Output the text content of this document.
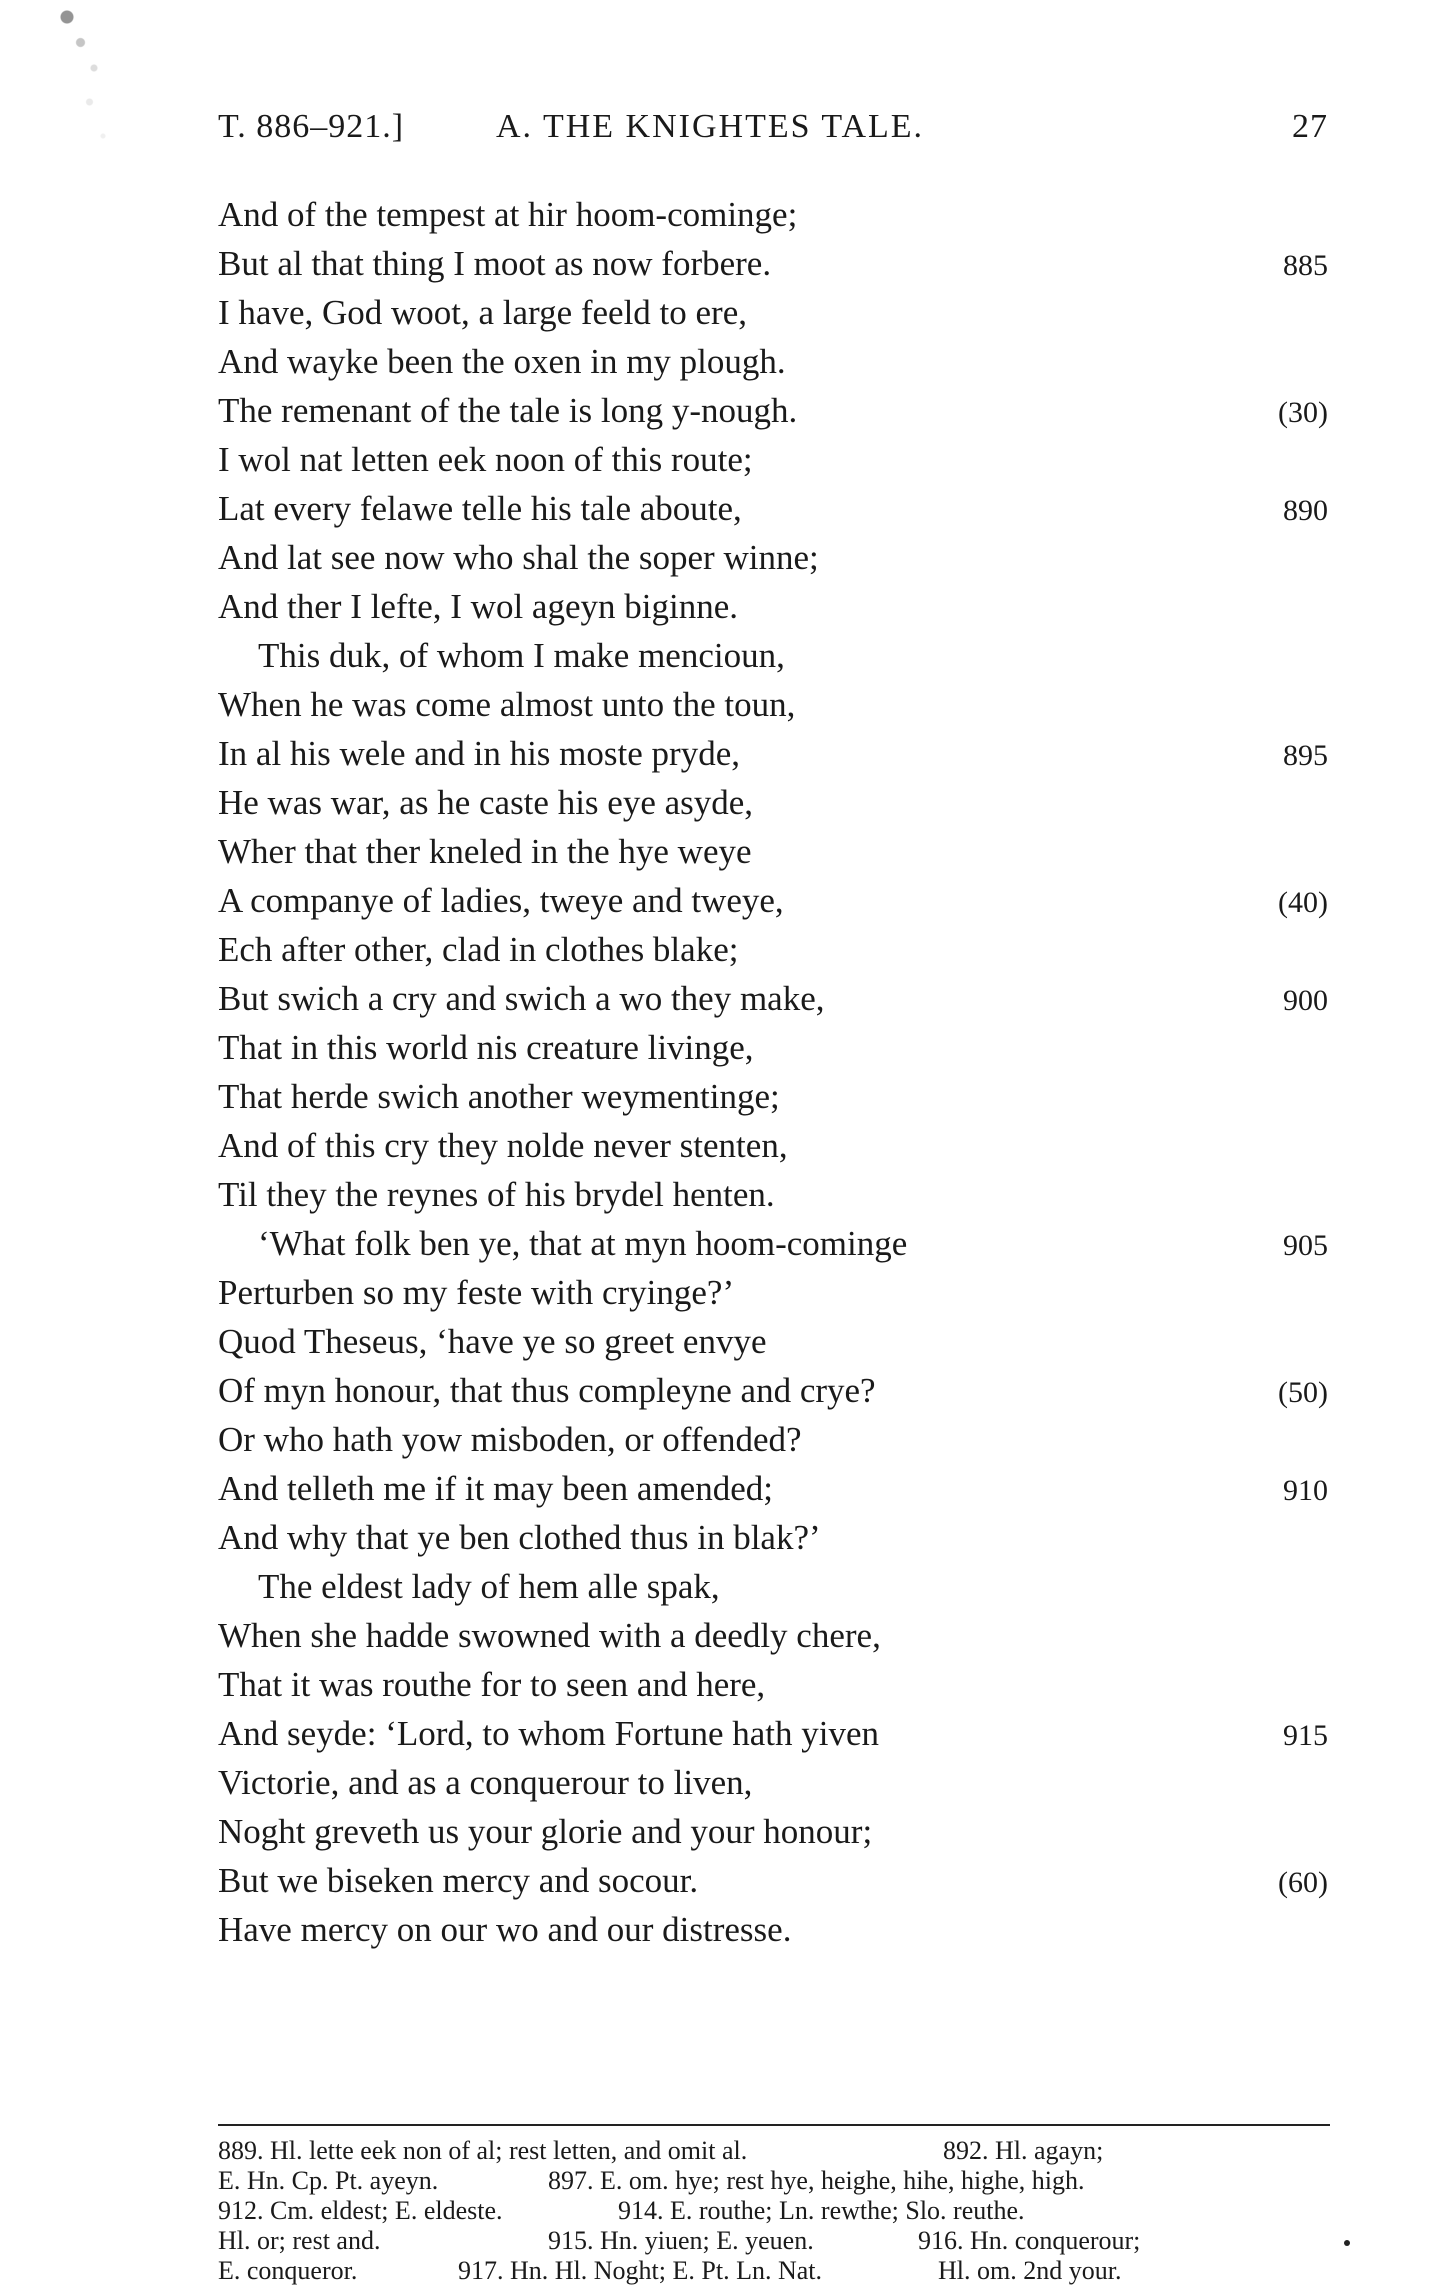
T. 886–921.]	A. THE KNIGHTES TALE.	27
And of the tempest at hir hoom-cominge;
But al that thing I moot as now forbere.	885
I have, God woot, a large feeld to ere,
And wayke been the oxen in my plough.
The remenant of the tale is long y-nough.	(30)
I wol nat letten eek noon of this route;
Lat every felawe telle his tale aboute,	890
And lat see now who shal the soper winne;
And ther I lefte, I wol ageyn biginne.
This duk, of whom I make mencioun,
When he was come almost unto the toun,
In al his wele and in his moste pryde,	895
He was war, as he caste his eye asyde,
Wher that ther kneled in the hye weye
A companye of ladies, tweye and tweye,	(40)
Ech after other, clad in clothes blake;
But swich a cry and swich a wo they make,	900
That in this world nis creature livinge,
That herde swich another weymentinge;
And of this cry they nolde never stenten,
Til they the reynes of his brydel henten.
‘What folk ben ye, that at myn hoom-cominge	905
Perturben so my feste with cryinge?’
Quod Theseus, ‘have ye so greet envye
Of myn honour, that thus compleyne and crye?	(50)
Or who hath yow misboden, or offended?
And telleth me if it may been amended;	910
And why that ye ben clothed thus in blak?’
The eldest lady of hem alle spak,
When she hadde swowned with a deedly chere,
That it was routhe for to seen and here,
And seyde: ‘Lord, to whom Fortune hath yiven	915
Victorie, and as a conquerour to liven,
Noght greveth us your glorie and your honour;
But we biseken mercy and socour.	(60)
Have mercy on our wo and our distresse.
889. Hl. lette eek non of al; rest letten, and omit al.	892. Hl. agayn;
E. Hn. Cp. Pt. ayeyn.	897. E. om. hye; rest hye, heighe, hihe, highe, high.
912. Cm. eldest; E. eldeste.	914. E. routhe; Ln. rewthe; Slo. reuthe.
Hl. or; rest and.	915. Hn. yiuen; E. yeuen.	916. Hn. conquerour;
E. conqueror.	917. Hn. Hl. Noght; E. Pt. Ln. Nat.	Hl. om. 2nd your.
